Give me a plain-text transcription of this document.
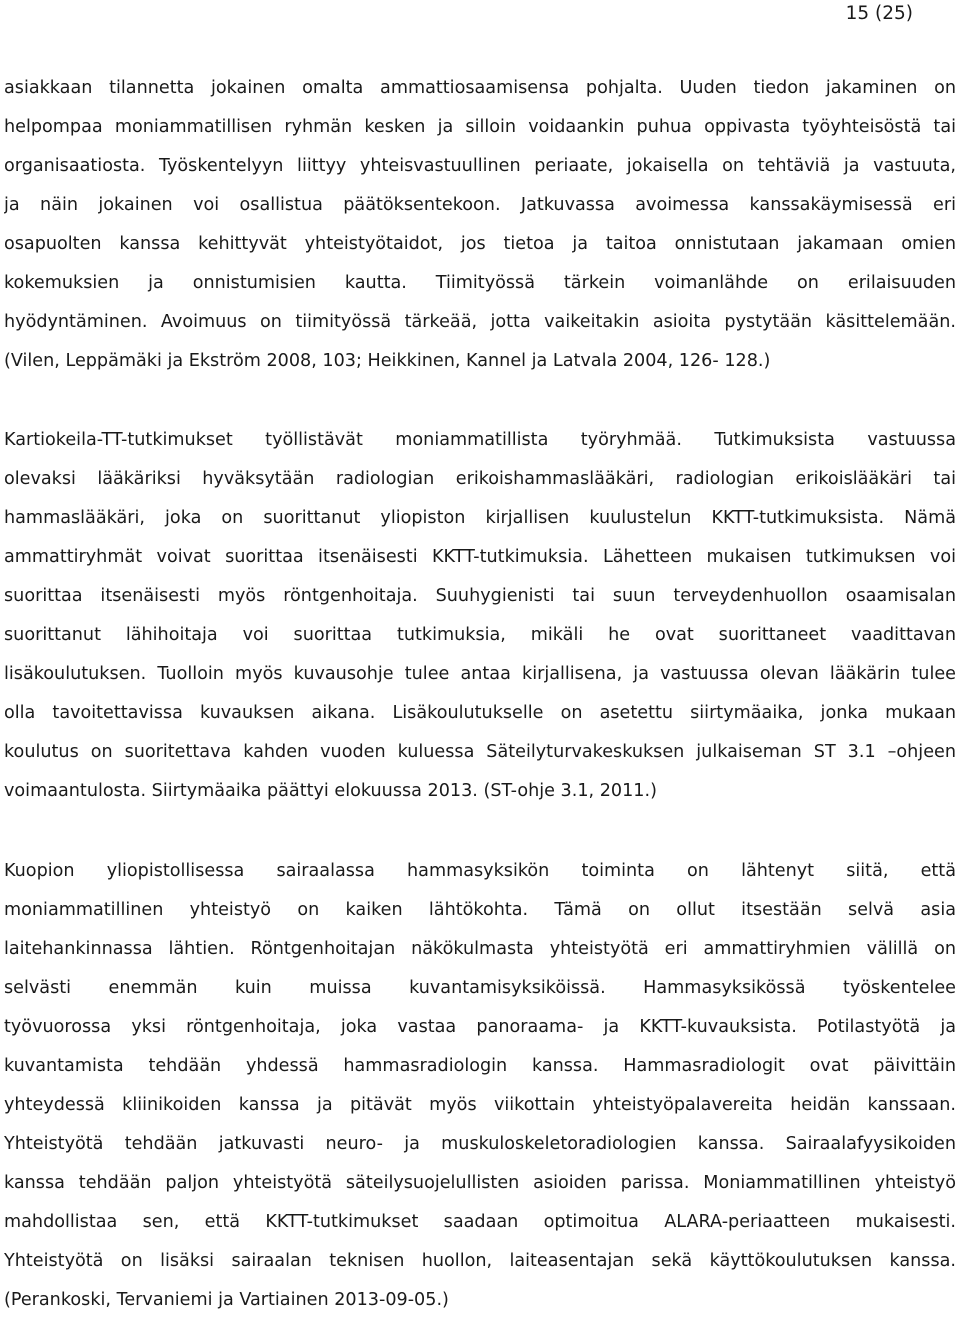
15 (25)

asiakkaan tilannetta jokainen omalta ammattiosaamisensa pohjalta. Uuden tiedon jakaminen on
helpompaa moniammatillisen ryhmän kesken ja silloin voidaankin puhua oppivasta työyhteisöstä tai
organisaatiosta. Työskentelyyn liittyy yhteisvastuullinen periaate, jokaisella on tehtäviä ja vastuuta,
ja näin jokainen voi osallistua päätöksentekoon. Jatkuvassa avoimessa kanssakäymisessä eri
osapuolten kanssa kehittyvät yhteistyötaidot, jos tietoa ja taitoa onnistutaan jakamaan omien
kokemuksien ja onnistumisien kautta. Tiimityössä tärkein voimanlähde on erilaisuuden
hyödyntäminen. Avoimuus on tiimityössä tärkeää, jotta vaikeitakin asioita pystytään käsittelemään.
(Vilen, Leppämäki ja Ekström 2008, 103; Heikkinen, Kannel ja Latvala 2004, 126- 128.)

Kartiokeila-TT-tutkimukset työllistävät moniammatillista työryhmää. Tutkimuksista vastuussa
olevaksi lääkäriksi hyväksytään radiologian erikoishammaslääkäri, radiologian erikoislääkäri tai
hammaslääkäri, joka on suorittanut yliopiston kirjallisen kuulustelun KKTT-tutkimuksista. Nämä
ammattiryhmät voivat suorittaa itsenäisesti KKTT-tutkimuksia. Lähetteen mukaisen tutkimuksen voi
suorittaa itsenäisesti myös röntgenhoitaja. Suuhygienisti tai suun terveydenhuollon osaamisalan
suorittanut lähihoitaja voi suorittaa tutkimuksia, mikäli he ovat suorittaneet vaadittavan
lisäkoulutuksen. Tuolloin myös kuvausohje tulee antaa kirjallisena, ja vastuussa olevan lääkärin tulee
olla tavoitettavissa kuvauksen aikana. Lisäkoulutukselle on asetettu siirtymäaika, jonka mukaan
koulutus on suoritettava kahden vuoden kuluessa Säteilyturvakeskuksen julkaiseman ST 3.1 –ohjeen
voimaantulosta. Siirtymäaika päättyi elokuussa 2013. (ST-ohje 3.1, 2011.)

Kuopion yliopistollisessa sairaalassa hammasyksikön toiminta on lähtenyt siitä, että
moniammatillinen yhteistyö on kaiken lähtökohta. Tämä on ollut itsestään selvä asia
laitehankinnassa lähtien. Röntgenhoitajan näkökulmasta yhteistyötä eri ammattiryhmien välillä on
selvästi enemmän kuin muissa kuvantamisyksiköissä. Hammasyksikössä työskentelee
työvuorossa yksi röntgenhoitaja, joka vastaa panoraama- ja KKTT-kuvauksista. Potilastyötä ja
kuvantamista tehdään yhdessä hammasradiologin kanssa. Hammasradiologit ovat päivittäin
yhteydessä kliinikoiden kanssa ja pitävät myös viikottain yhteistyöpalavereita heidän kanssaan.
Yhteistyötä tehdään jatkuvasti neuro- ja muskuloskeletoradiologien kanssa. Sairaalafyysikoiden
kanssa tehdään paljon yhteistyötä säteilysuojelullisten asioiden parissa. Moniammatillinen yhteistyö
mahdollistaa sen, että KKTT-tutkimukset saadaan optimoitua ALARA-periaatteen mukaisesti.
Yhteistyötä on lisäksi sairaalan teknisen huollon, laiteasentajan sekä käyttökoulutuksen kanssa.
(Perankoski, Tervaniemi ja Vartiainen 2013-09-05.)
